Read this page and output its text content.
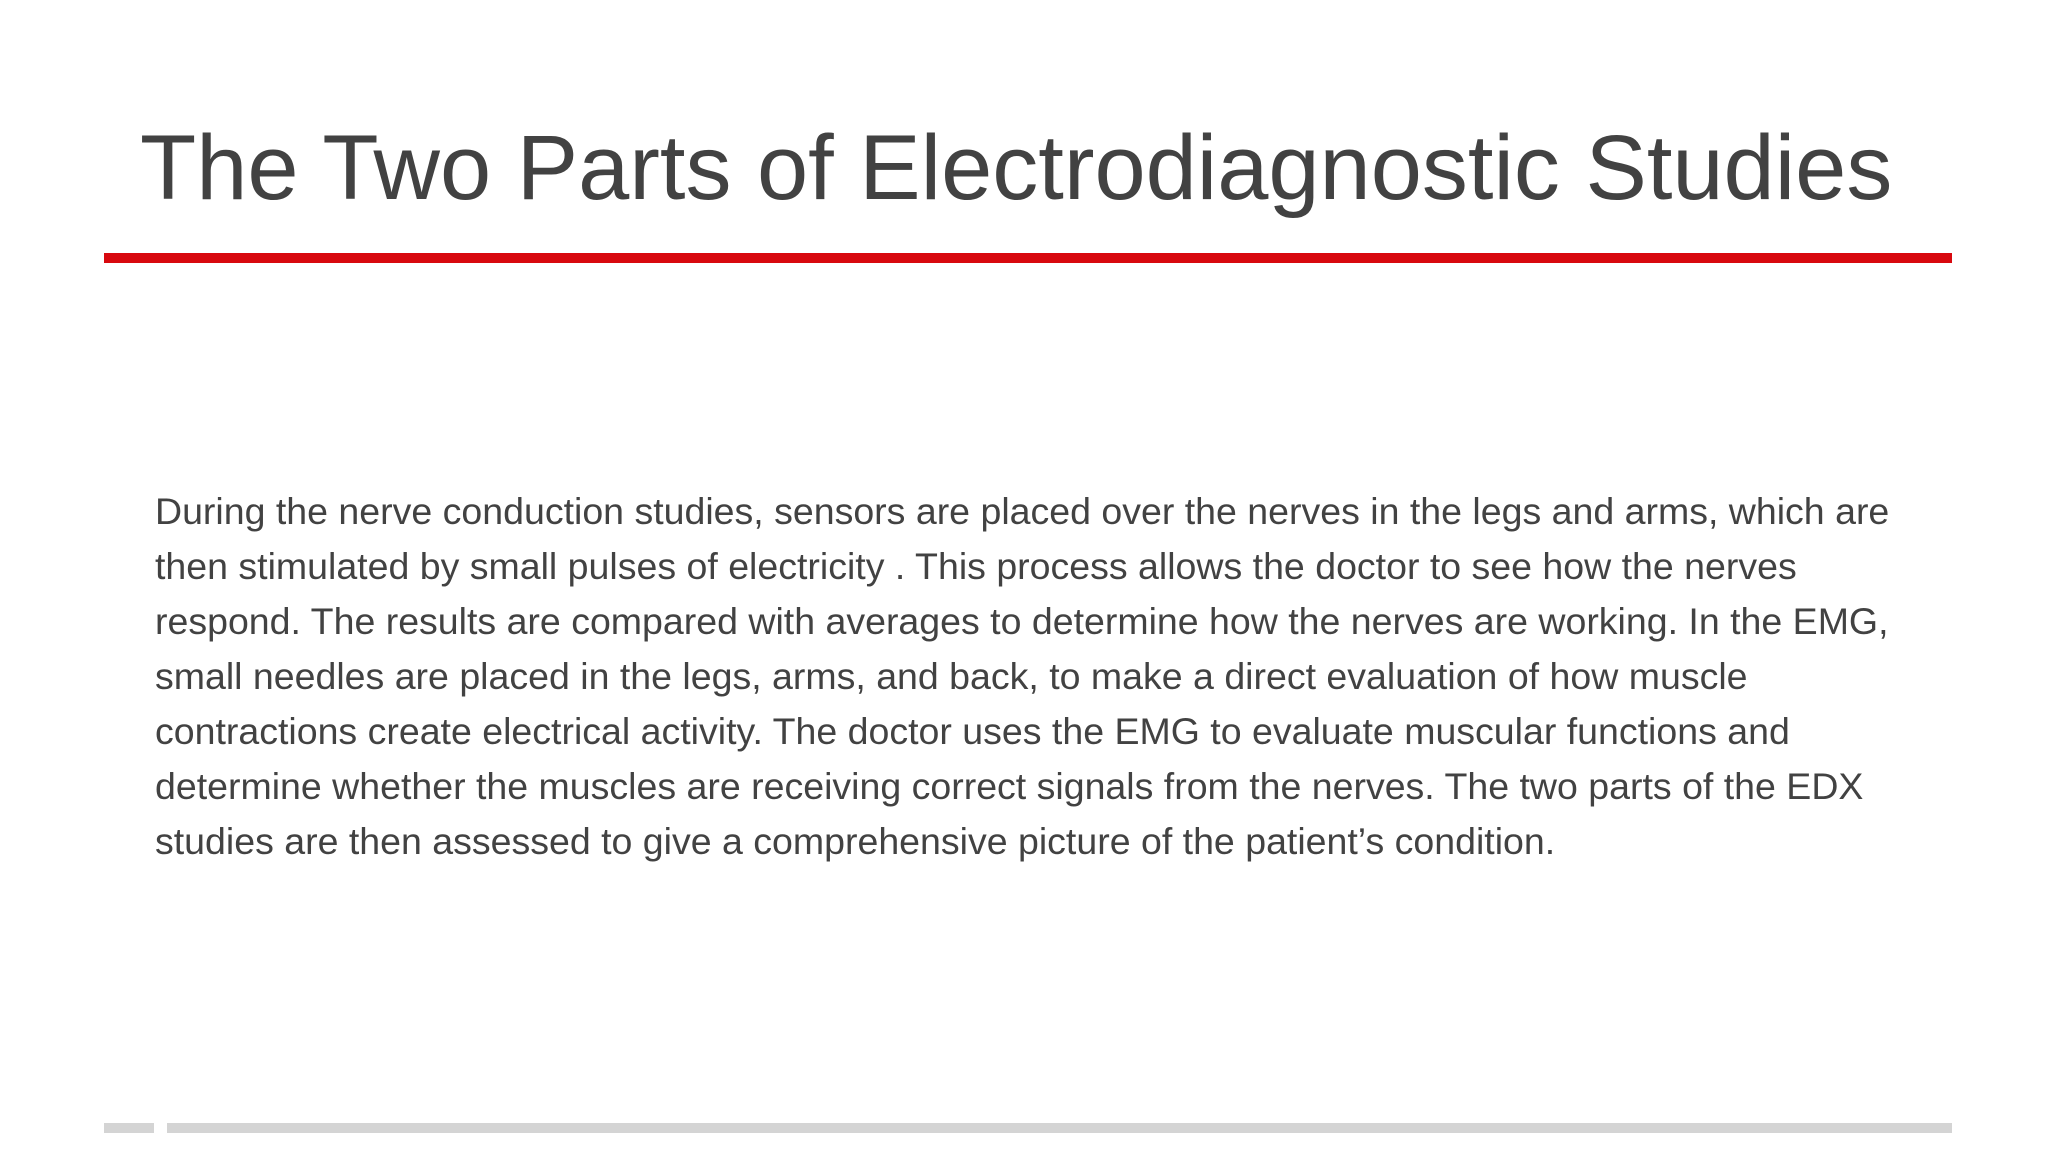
The Two Parts of Electrodiagnostic Studies

During the nerve conduction studies, sensors are placed over the nerves in the legs and arms, which are then stimulated by small pulses of electricity . This process allows the doctor to see how the nerves respond. The results are compared with averages to determine how the nerves are working. In the EMG, small needles are placed in the legs, arms, and back, to make a direct evaluation of how muscle contractions create electrical activity. The doctor uses the EMG to evaluate muscular functions and determine whether the muscles are receiving correct signals from the nerves. The two parts of the EDX studies are then assessed to give a comprehensive picture of the patient’s condition.
